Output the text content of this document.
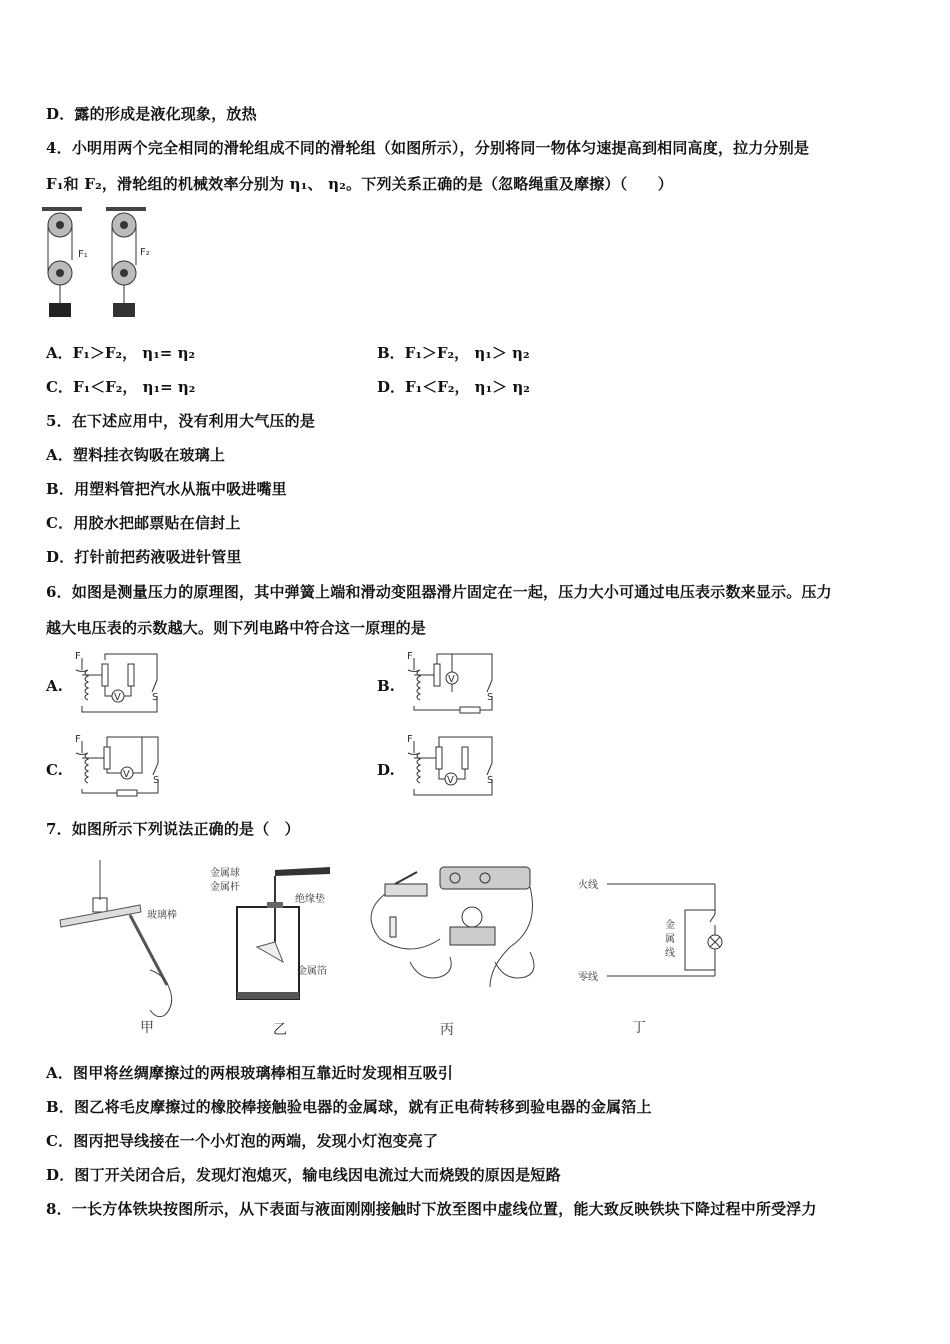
D．露的形成是液化现象，放热
4．小明用两个完全相同的滑轮组成不同的滑轮组（如图所示），分别将同一物体匀速提高到相同高度，拉力分别是
F₁和 F₂，滑轮组的机械效率分别为 η₁、 η₂。下列关系正确的是（忽略绳重及摩擦）（　　）
F₁	F₂
A．F₁＞F₂， η₁= η₂	B．F₁＞F₂， η₁＞ η₂
C．F₁＜F₂， η₁= η₂	D．F₁＜F₂， η₁＞ η₂
5．在下述应用中，没有利用大气压的是
A．塑料挂衣钩吸在玻璃上
B．用塑料管把汽水从瓶中吸进嘴里
C．用胶水把邮票贴在信封上
D．打针前把药液吸进针管里
6．如图是测量压力的原理图，其中弹簧上端和滑动变阻器滑片固定在一起，压力大小可通过电压表示数来显示。压力
越大电压表的示数越大。则下列电路中符合这一原理的是
A.
F
V	S
B.
F
V
S
C.
F
V
S
D.
F
V	S
7．如图所示下列说法正确的是（　）
玻璃棒
甲
金属球
金属杆
绝缘垫
金属箔
乙	丙
火线
零线
金
属
线
丁
A．图甲将丝绸摩擦过的两根玻璃棒相互靠近时发现相互吸引
B．图乙将毛皮摩擦过的橡胶棒接触验电器的金属球，就有正电荷转移到验电器的金属箔上
C．图丙把导线接在一个小灯泡的两端，发现小灯泡变亮了
D．图丁开关闭合后，发现灯泡熄灭，输电线因电流过大而烧毁的原因是短路
8．一长方体铁块按图所示，从下表面与液面刚刚接触时下放至图中虚线位置，能大致反映铁块下降过程中所受浮力
